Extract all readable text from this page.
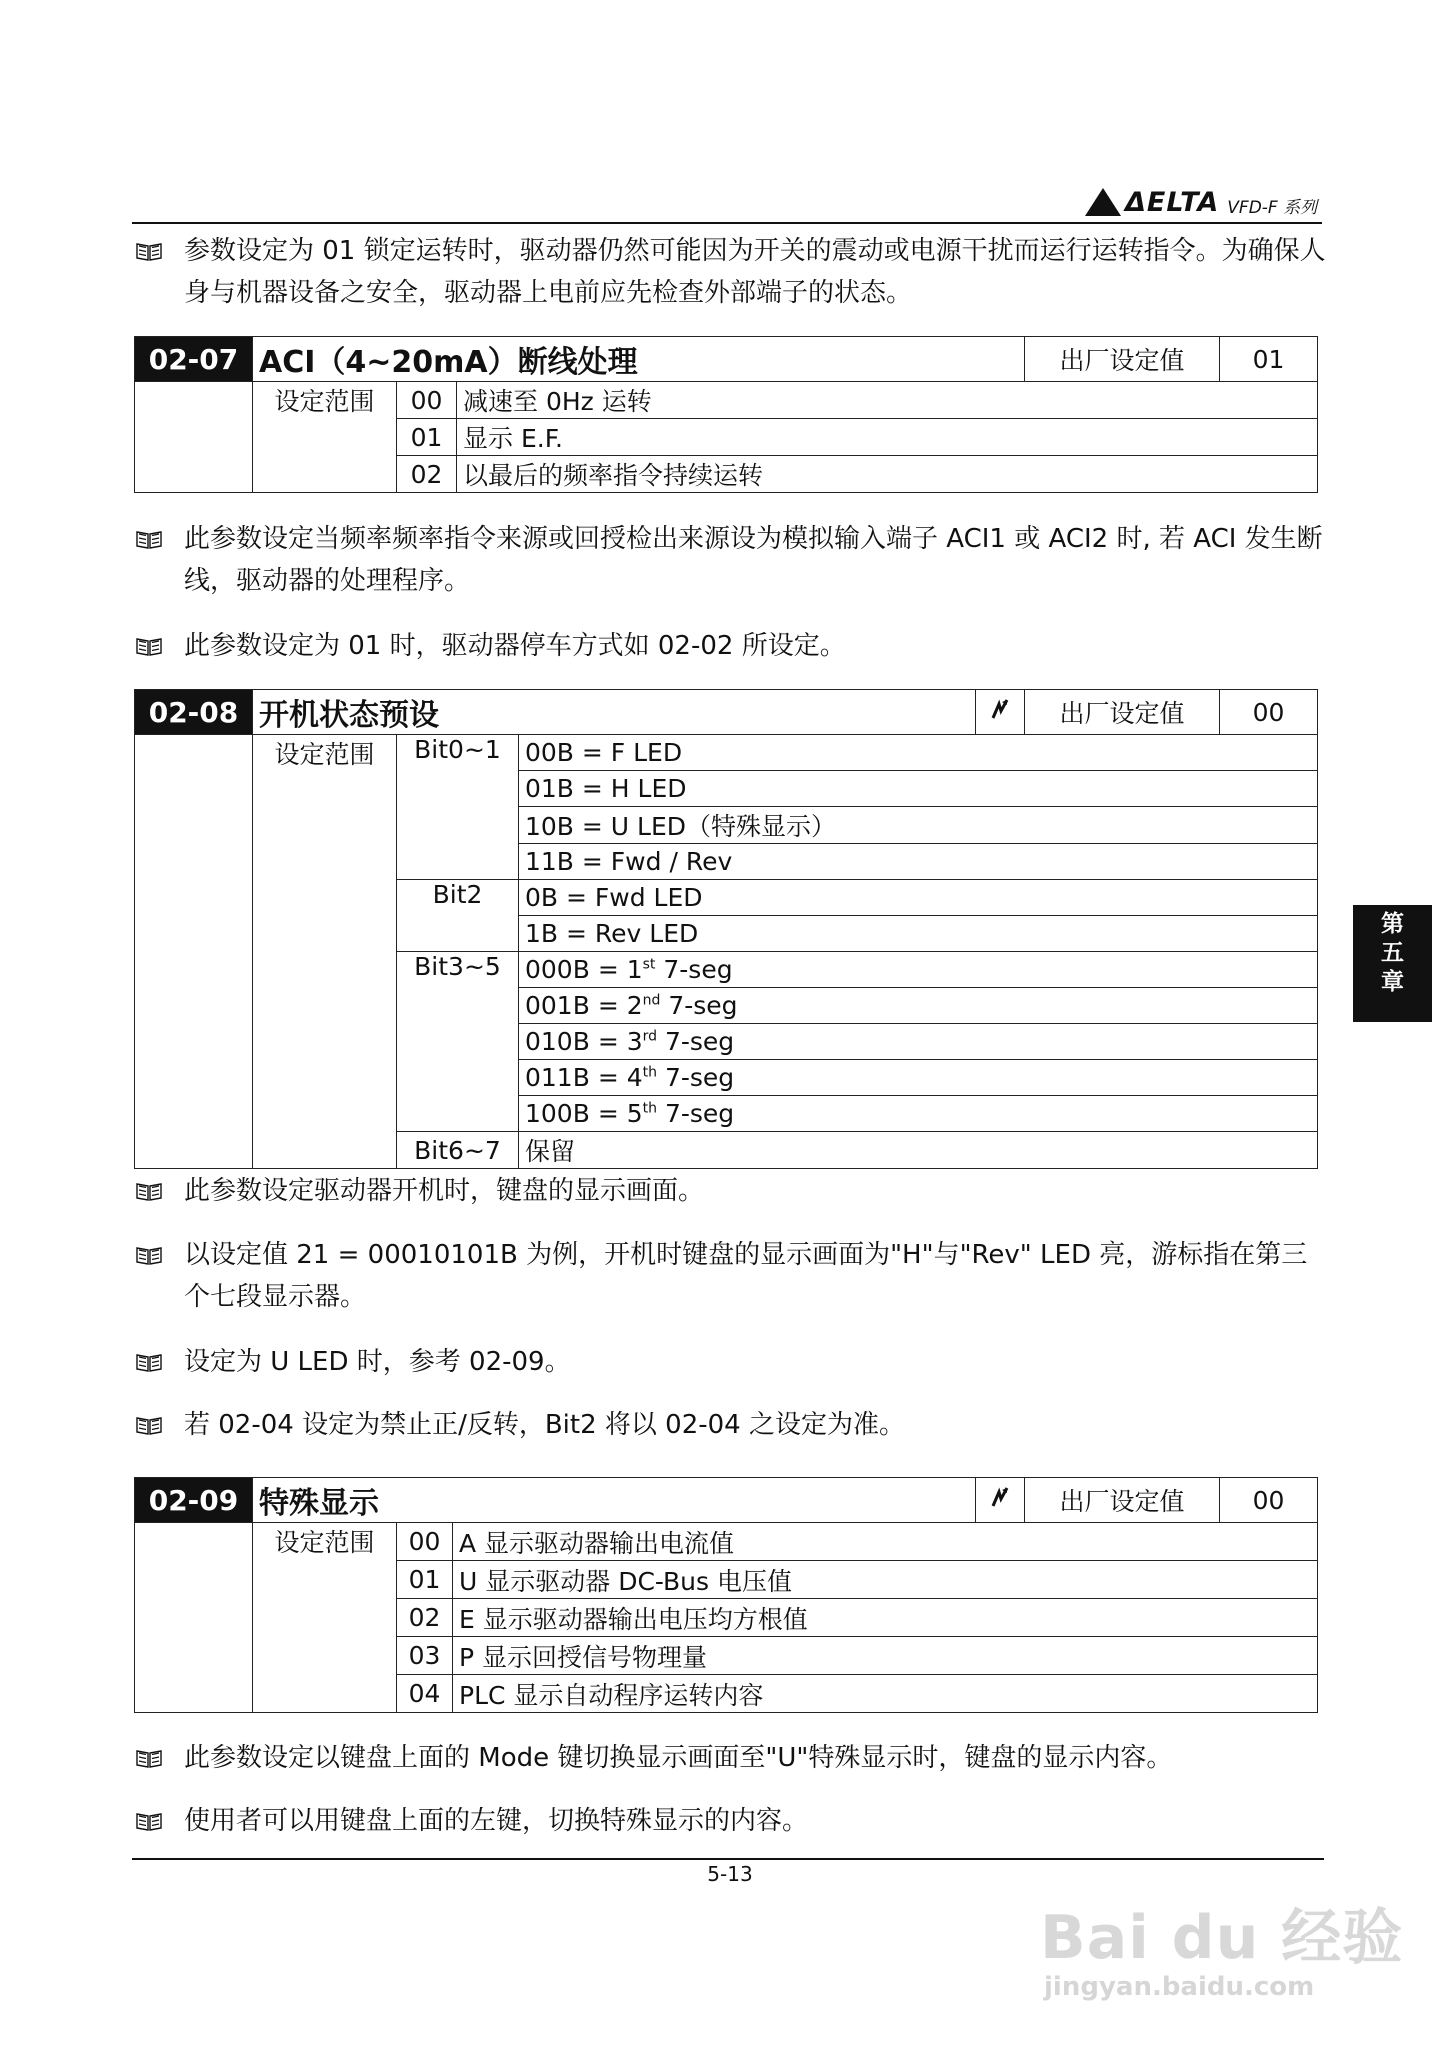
ΔELTA VFD-F 系列
参数设定为 01 锁定运转时，驱动器仍然可能因为开关的震动或电源干扰而运行运转指令。为确保人身与机器设备之安全，驱动器上电前应先检查外部端子的状态。
02-07	ACI（4~20mA）断线处理			出厂设定值	01
	设定范围	00	减速至 0Hz 运转		
		01	显示 E.F.		
		02	以最后的频率指令持续运转		
此参数设定当频率频率指令来源或回授检出来源设为模拟输入端子 ACI1 或 ACI2 时, 若 ACI 发生断线，驱动器的处理程序。
此参数设定为 01 时，驱动器停车方式如 02-02 所设定。
02-08	开机状态预设				出厂设定值	00
	设定范围	Bit0~1	00B = F LED			
			01B = H LED			
			10B = U LED（特殊显示）			
			11B = Fwd / Rev			
		Bit2	0B = Fwd LED			
			1B = Rev LED			
		Bit3~5	000B = 1st 7-seg			
			001B = 2nd 7-seg			
			010B = 3rd 7-seg			
			011B = 4th 7-seg			
			100B = 5th 7-seg			
		Bit6~7	保留			
此参数设定驱动器开机时，键盘的显示画面。
以设定值 21 = 00010101B 为例，开机时键盘的显示画面为"H"与"Rev" LED 亮，游标指在第三个七段显示器。
设定为 U LED 时，参考 02-09。
若 02-04 设定为禁止正/反转，Bit2 将以 02-04 之设定为准。
02-09	特殊显示				出厂设定值	00
	设定范围	00	A 显示驱动器输出电流值			
		01	U 显示驱动器 DC-Bus 电压值			
		02	E 显示驱动器输出电压均方根值			
		03	P 显示回授信号物理量			
		04	PLC 显示自动程序运转内容			
此参数设定以键盘上面的 Mode 键切换显示画面至"U"特殊显示时，键盘的显示内容。
使用者可以用键盘上面的左键，切换特殊显示的内容。
第
五
章
5-13
Bai du 经验
jingyan.baidu.com
